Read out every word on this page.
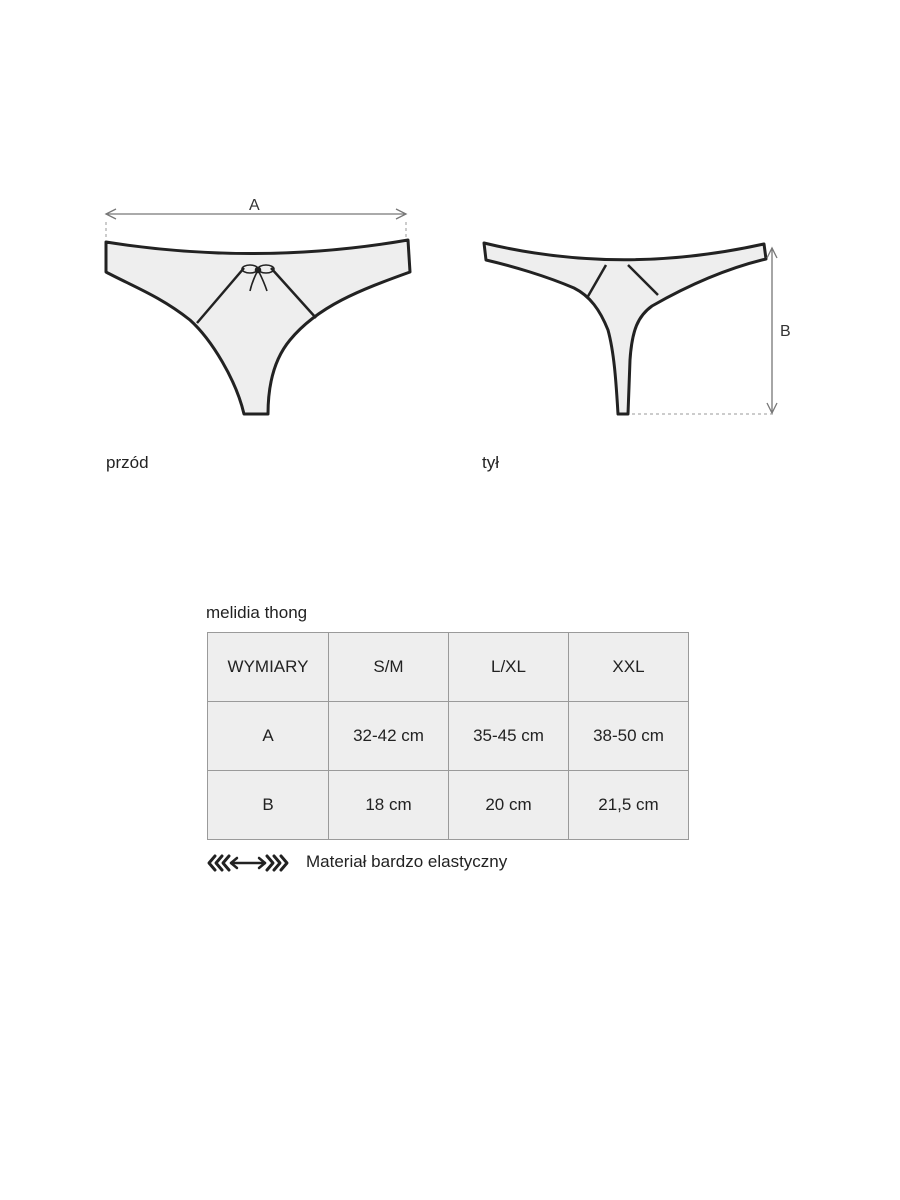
A
B
przód	tył
melidia thong
WYMIARY	S/M	L/XL	XXL
A	32-42 cm	35-45 cm	38-50 cm
B	18 cm	20 cm	21,5 cm
Materiał bardzo elastyczny
